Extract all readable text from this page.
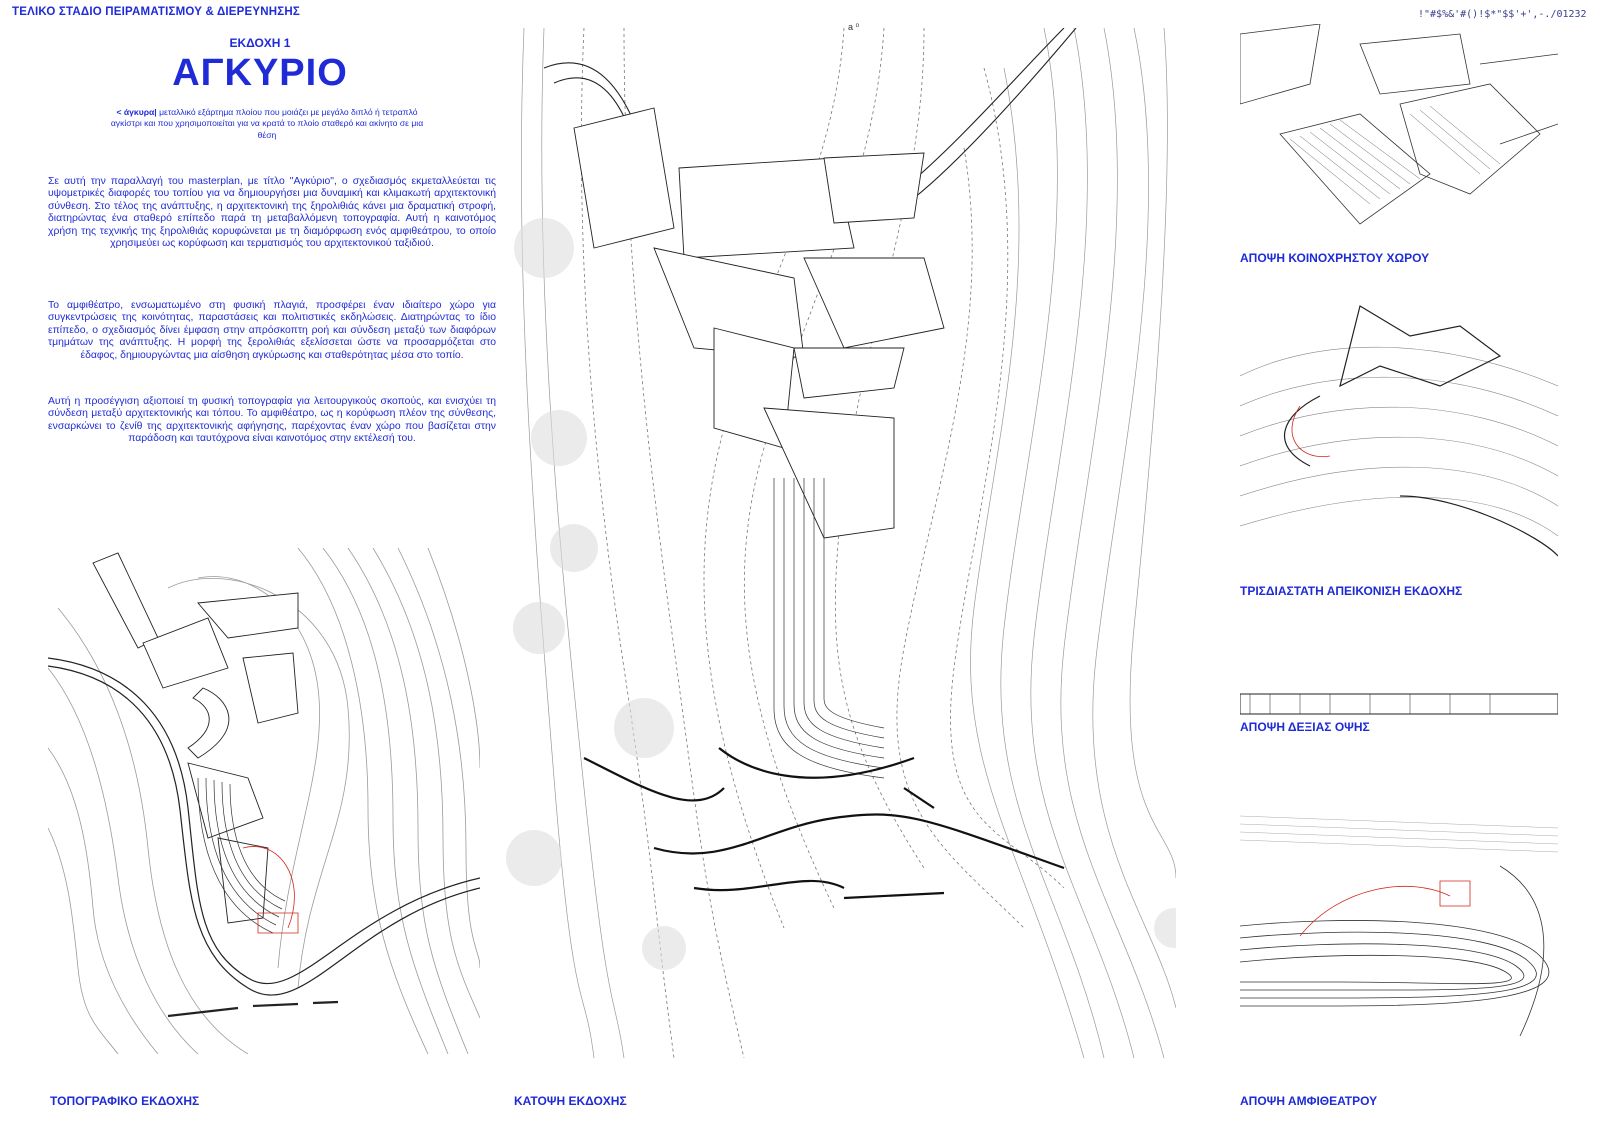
ΤΕΛΙΚΟ ΣΤΑΔΙΟ ΠΕΙΡΑΜΑΤΙΣΜΟΥ & ΔΙΕΡΕΥΝΗΣΗΣ	!"#$%&'#()!$*"$$'+',-./01232
a ⁰
ΕΚΔΟΧΗ 1
ΑΓΚΥΡΙΟ
< άγκυρα| μεταλλικό εξάρτημα πλοίου που μοιάζει με μεγάλο διπλό ή τετραπλό αγκίστρι και που χρησιμοποιείται για να κρατά το πλοίο σταθερό και ακίνητο σε μια θέση
Σε αυτή την παραλλαγή του masterplan, με τίτλο "Αγκύριο", ο σχεδιασμός εκμεταλλεύεται τις υψομετρικές διαφορές του τοπίου για να δημιουργήσει μια δυναμική και κλιμακωτή αρχιτεκτονική σύνθεση. Στο τέλος της ανάπτυξης, η αρχιτεκτονική της ξηρολιθιάς κάνει μια δραματική στροφή, διατηρώντας ένα σταθερό επίπεδο παρά τη μεταβαλλόμενη τοπογραφία. Αυτή η καινοτόμος χρήση της τεχνικής της ξηρολιθιάς κορυφώνεται με τη διαμόρφωση ενός αμφιθεάτρου, το οποίο χρησιμεύει ως κορύφωση και τερματισμός του αρχιτεκτονικού ταξιδιού.
Το αμφιθέατρο, ενσωματωμένο στη φυσική πλαγιά, προσφέρει έναν ιδιαίτερο χώρο για συγκεντρώσεις της κοινότητας, παραστάσεις και πολιτιστικές εκδηλώσεις. Διατηρώντας το ίδιο επίπεδο, ο σχεδιασμός δίνει έμφαση στην απρόσκοπτη ροή και σύνδεση μεταξύ των διαφόρων τμημάτων της ανάπτυξης. Η μορφή της ξερολιθιάς εξελίσσεται ώστε να προσαρμόζεται στο έδαφος, δημιουργώντας μια αίσθηση αγκύρωσης και σταθερότητας μέσα στο τοπίο.
Αυτή η προσέγγιση αξιοποιεί τη φυσική τοπογραφία για λειτουργικούς σκοπούς, και ενισχύει τη σύνδεση μεταξύ αρχιτεκτονικής και τόπου. Το αμφιθέατρο, ως η κορύφωση πλέον της σύνθεσης, ενσαρκώνει το ζενίθ της αρχιτεκτονικής αφήγησης, παρέχοντας έναν χώρο που βασίζεται στην παράδοση και ταυτόχρονα είναι καινοτόμος στην εκτέλεσή του.
ΤΟΠΟΓΡΑΦΙΚΟ ΕΚΔΟΧΗΣ	ΚΑΤΟΨΗ ΕΚΔΟΧΗΣ
ΑΠΟΨΗ ΚΟΙΝΟΧΡΗΣΤΟΥ ΧΩΡΟΥ
ΤΡΙΣΔΙΑΣΤΑΤΗ ΑΠΕΙΚΟΝΙΣΗ ΕΚΔΟΧΗΣ
ΑΠΟΨΗ ΔΕΞΙΑΣ ΟΨΗΣ
ΑΠΟΨΗ ΑΜΦΙΘΕΑΤΡΟΥ
